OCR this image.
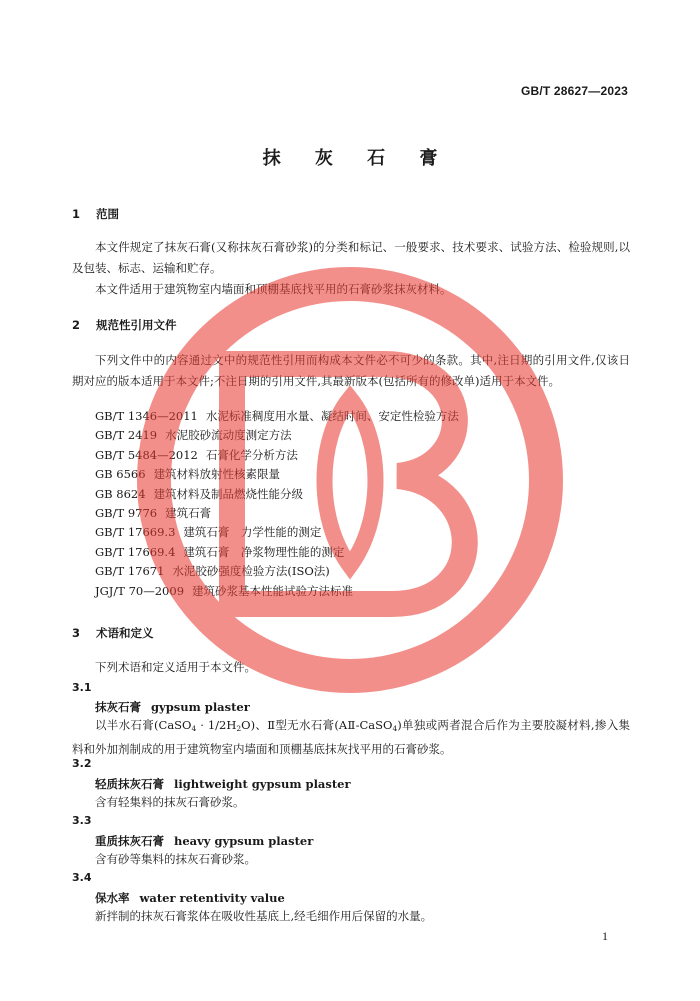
GB/T 28627—2023
抹 灰 石 膏
1 范围
本文件规定了抹灰石膏(又称抹灰石膏砂浆)的分类和标记、一般要求、技术要求、试验方法、检验规则,以及包装、标志、运输和贮存。
本文件适用于建筑物室内墙面和顶棚基底找平用的石膏砂浆抹灰材料。
2 规范性引用文件
下列文件中的内容通过文中的规范性引用而构成本文件必不可少的条款。其中,注日期的引用文件,仅该日期对应的版本适用于本文件;不注日期的引用文件,其最新版本(包括所有的修改单)适用于本文件。
GB/T 1346—2011 水泥标准稠度用水量、凝结时间、安定性检验方法
GB/T 2419 水泥胶砂流动度测定方法
GB/T 5484—2012 石膏化学分析方法
GB 6566 建筑材料放射性核素限量
GB 8624 建筑材料及制品燃烧性能分级
GB/T 9776 建筑石膏
GB/T 17669.3 建筑石膏　力学性能的测定
GB/T 17669.4 建筑石膏　净浆物理性能的测定
GB/T 17671 水泥胶砂强度检验方法(ISO法)
JGJ/T 70—2009 建筑砂浆基本性能试验方法标准
3 术语和定义
下列术语和定义适用于本文件。
3.1
抹灰石膏 gypsum plaster
以半水石膏(CaSO$_4$ · $1/2H_2O$)、Ⅱ型无水石膏(AⅡ-CaSO$_4$)单独或两者混合后作为主要胶凝材料,掺入集料和外加剂制成的用于建筑物室内墙面和顶棚基底抹灰找平用的石膏砂浆。
3.2
轻质抹灰石膏 lightweight gypsum plaster
含有轻集料的抹灰石膏砂浆。
3.3
重质抹灰石膏 heavy gypsum plaster
含有砂等集料的抹灰石膏砂浆。
3.4
保水率 water retentivity value
新拌制的抹灰石膏浆体在吸收性基底上,经毛细作用后保留的水量。
1
